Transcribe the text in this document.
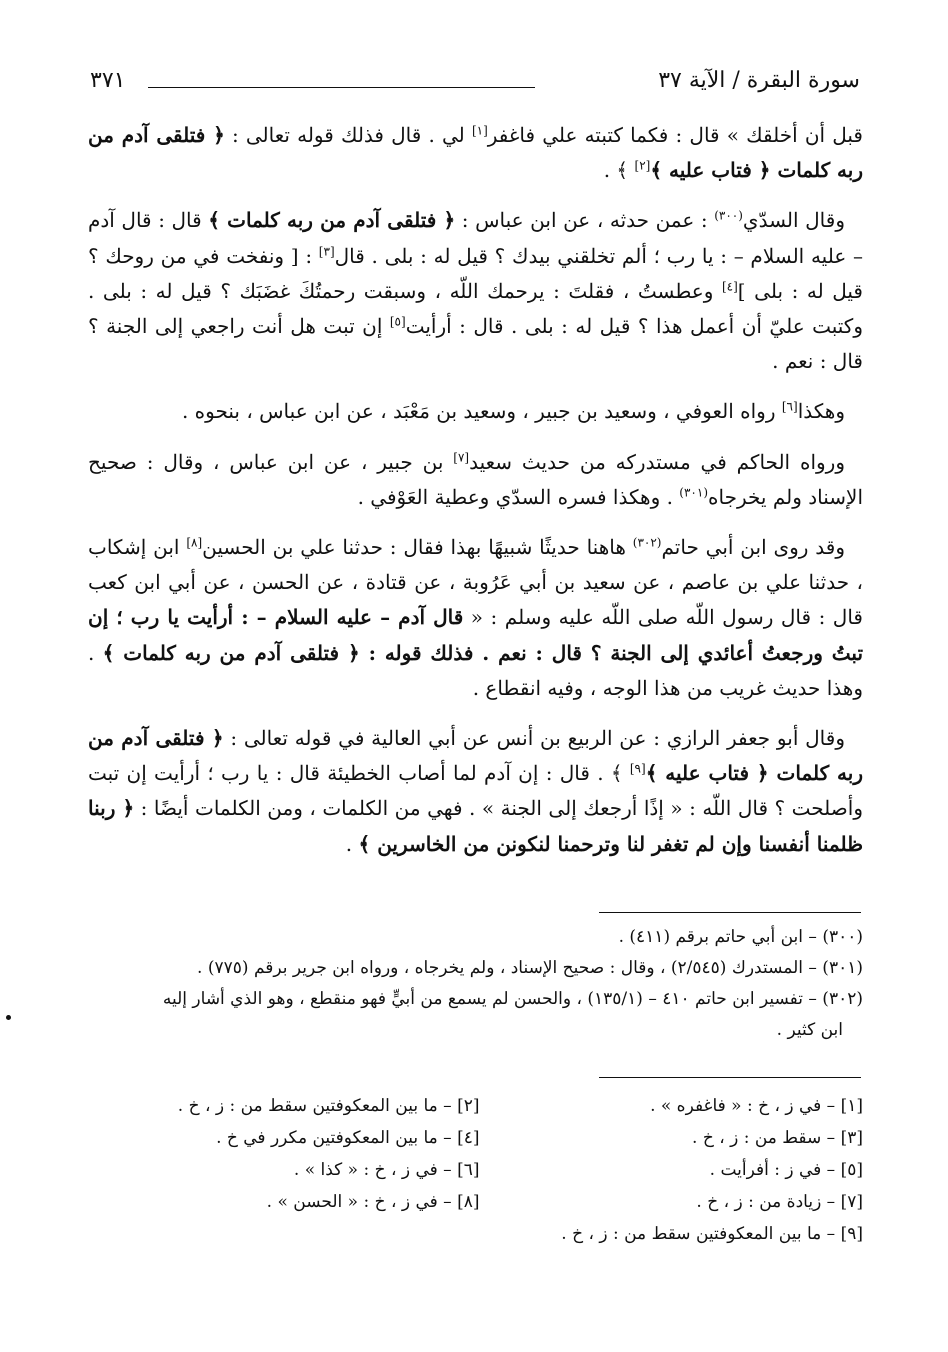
سورة البقرة / الآية ٣٧
٣٧١

قبل أن أخلقك » قال : فكما كتبته علي فاغفر[١] لي . قال فذلك قوله تعالى : ﴿ فتلقى آدم من ربه كلمات ﴿ فتاب عليه ﴾[٢] ﴾ .

وقال السدّي$^{(٣٠٠)}$ : عمن حدثه ، عن ابن عباس : ﴿ فتلقى آدم من ربه كلمات ﴾ قال : قال آدم – عليه السلام – : يا رب ؛ ألم تخلقني بيدك ؟ قيل له : بلى . قال[٣] : [ ونفخت في من روحك ؟ قيل له : بلى ][٤] وعطستُ ، فقلتَ : يرحمك اللّه ، وسبقت رحمتُكَ غضَبَك ؟ قيل له : بلى . وكتبت عليّ أن أعمل هذا ؟ قيل له : بلى . قال : أرأيت[٥] إن تبت هل أنت راجعي إلى الجنة ؟ قال : نعم .

وهكذا[٦] رواه العوفي ، وسعيد بن جبير ، وسعيد بن مَعْبَد ، عن ابن عباس ، بنحوه .

ورواه الحاكم في مستدركه من حديث سعيد[٧] بن جبير ، عن ابن عباس ، وقال : صحيح الإسناد ولم يخرجاه$^{(٣٠١)}$ . وهكذا فسره السدّي وعطية العَوْفي .

وقد روى ابن أبي حاتم$^{(٣٠٢)}$ هاهنا حديثًا شبيهًا بهذا فقال : حدثنا علي بن الحسين[٨] ابن إشكاب ، حدثنا علي بن عاصم ، عن سعيد بن أبي عَرُوبة ، عن قتادة ، عن الحسن ، عن أبي ابن كعب قال : قال رسول اللّه صلى اللّه عليه وسلم : « قال آدم – عليه السلام – : أرأيت يا رب ؛ إن تبتُ ورجعتُ أعائدي إلى الجنة ؟ قال : نعم . فذلك قوله : ﴿ فتلقى آدم من ربه كلمات ﴾ . وهذا حديث غريب من هذا الوجه ، وفيه انقطاع .

وقال أبو جعفر الرازي : عن الربيع بن أنس عن أبي العالية في قوله تعالى : ﴿ فتلقى آدم من ربه كلمات ﴿ فتاب عليه ﴾[٩] ﴾ . قال : إن آدم لما أصاب الخطيئة قال : يا رب ؛ أرأيت إن تبت وأصلحت ؟ قال اللّه : « إذًا أرجعك إلى الجنة » . فهي من الكلمات ، ومن الكلمات أيضًا : ﴿ ربنا ظلمنا أنفسنا وإن لم تغفر لنا وترحمنا لنكونن من الخاسرين ﴾ .

(٣٠٠) – ابن أبي حاتم برقم (٤١١) .

(٣٠١) – المستدرك (٢/٥٤٥) ، وقال : صحيح الإسناد ، ولم يخرجاه ، ورواه ابن جرير برقم (٧٧٥) .

(٣٠٢) – تفسير ابن حاتم ٤١٠ – (١٣٥/١) ، والحسن لم يسمع من أبيٍّ فهو منقطع ، وهو الذي أشار إليه

ابن كثير .

[١] – في ز ، خ : « فاغفره » .
[٢] – ما بين المعكوفتين سقط من : ز ، خ .
[٣] – سقط من : ز ، خ .
[٤] – ما بين المعكوفتين مكرر في خ .
[٥] – في ز : أفرأيت .
[٦] – في ز ، خ : « كذا » .
[٧] – زيادة من : ز ، خ .
[٨] – في ز ، خ : « الحسن » .
[٩] – ما بين المعكوفتين سقط من : ز ، خ .
